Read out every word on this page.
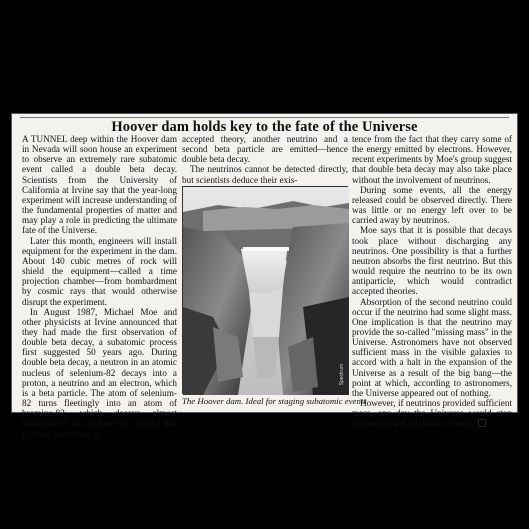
Hoover dam holds key to the fate of the Universe

A TUNNEL deep within the Hoover dam in Nevada will soon house an experiment to observe an extremely rare subatomic event called a double beta decay. Scientists from the University of California at Irvine say that the year-long experiment will increase understanding of the fundamental properties of matter and may play a role in predicting the ultimate fate of the Universe.

Later this month, engineers will install equipment for the experiment in the dam. About 140 cubic metres of rock will shield the equipment—called a time projection chamber—from bombardment by cosmic rays that would otherwise disrupt the experiment.

In August 1987, Michael Moe and other physicists at Irvine announced that they had made the first observation of double beta decay, a subatomic process first suggested 50 years ago. During double beta decay, a neutron in an atomic nucleus of selenium-82 decays into a proton, a neutrino and an electron, which is a beta particle. The atom of selenium-82 turns fleetingly into an atom of bromine-82, which decays almost immediately into krypton-82. During this process, according to

accepted theory, another neutrino and a second beta particle are emitted—hence double beta decay.

The neutrinos cannot be detected directly, but scientists deduce their exis-

Spectrum
The Hoover dam. Ideal for staging subatomic events

tence from the fact that they carry some of the energy emitted by electrons. However, recent experiments by Moe's group suggest that double beta decay may also take place without the involvement of neutrinos.

During some events, all the energy released could be observed directly. There was little or no energy left over to be carried away by neutrinos.

Moe says that it is possible that decays took place without discharging any neutrinos. One possibility is that a further neutron absorbs the first neutrino. But this would require the neutrino to be its own antiparticle, which would contradict accepted theories.

Absorption of the second neutrino could occur if the neutrino had some slight mass. One implication is that the neutrino may provide the so-called "missing mass" in the Universe. Astronomers have not observed sufficient mass in the visible galaxies to accord with a halt in the expansion of the Universe as a result of the big bang—the point at which, according to astronomers, the Universe appeared out of nothing.

However, if neutrinos provided sufficient mass, one day the Universe would stop expanding and fall back on itself.
